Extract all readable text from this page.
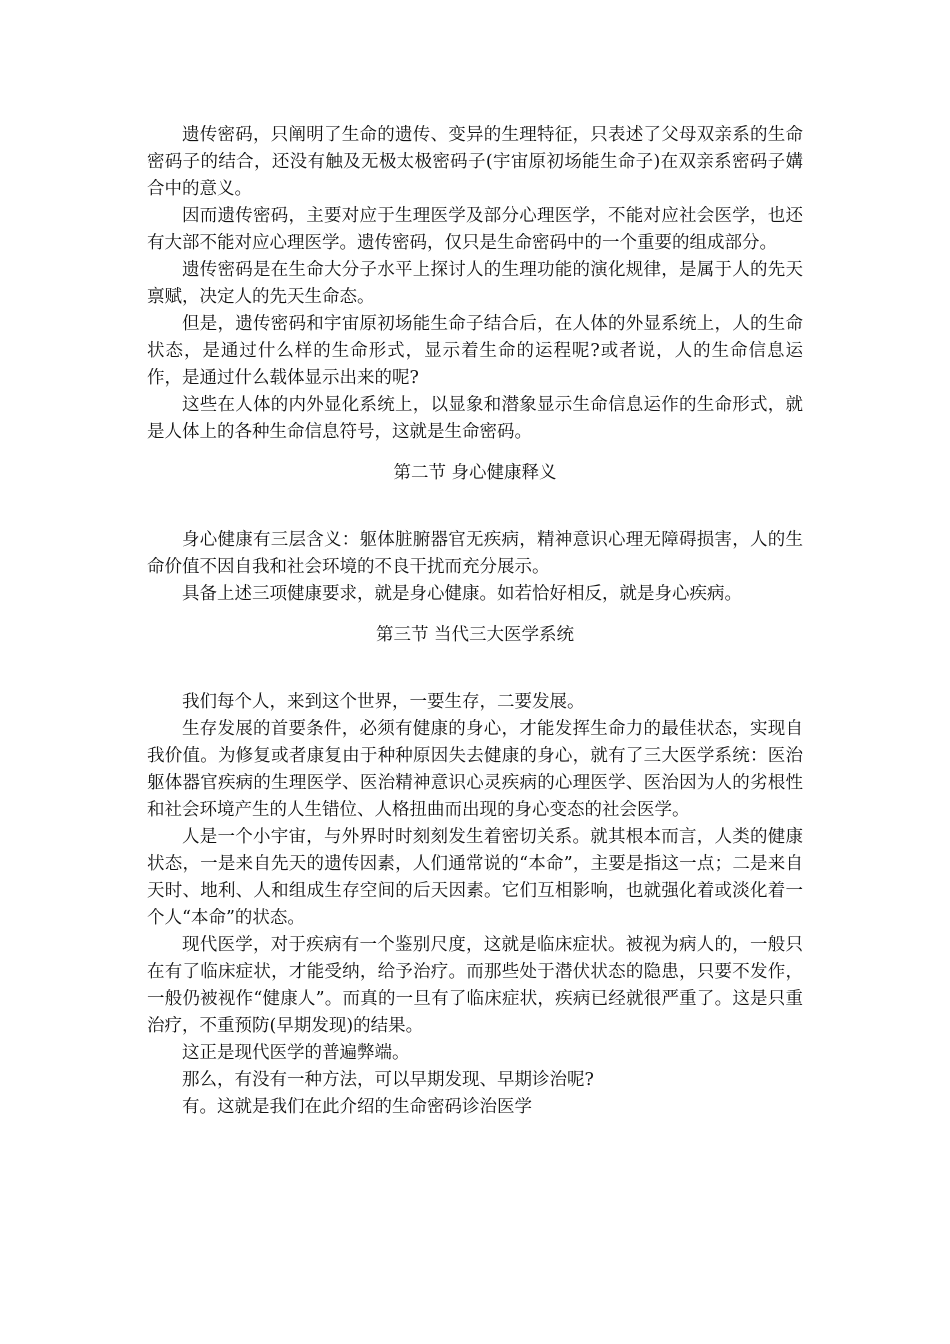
遗传密码，只阐明了生命的遗传、变异的生理特征，只表述了父母双亲系的生命密码子的结合，还没有触及无极太极密码子(宇宙原初场能生命子)在双亲系密码子媾合中的意义。

因而遗传密码，主要对应于生理医学及部分心理医学，不能对应社会医学，也还有大部不能对应心理医学。遗传密码，仅只是生命密码中的一个重要的组成部分。

遗传密码是在生命大分子水平上探讨人的生理功能的演化规律，是属于人的先天禀赋，决定人的先天生命态。

但是，遗传密码和宇宙原初场能生命子结合后，在人体的外显系统上，人的生命状态，是通过什么样的生命形式，显示着生命的运程呢?或者说，人的生命信息运作，是通过什么载体显示出来的呢?

这些在人体的内外显化系统上，以显象和潜象显示生命信息运作的生命形式，就是人体上的各种生命信息符号，这就是生命密码。

第二节 身心健康释义

身心健康有三层含义：躯体脏腑器官无疾病，精神意识心理无障碍损害，人的生命价值不因自我和社会环境的不良干扰而充分展示。

具备上述三项健康要求，就是身心健康。如若恰好相反，就是身心疾病。

第三节 当代三大医学系统

我们每个人，来到这个世界，一要生存，二要发展。

生存发展的首要条件，必须有健康的身心，才能发挥生命力的最佳状态，实现自我价值。为修复或者康复由于种种原因失去健康的身心，就有了三大医学系统：医治躯体器官疾病的生理医学、医治精神意识心灵疾病的心理医学、医治因为人的劣根性和社会环境产生的人生错位、人格扭曲而出现的身心变态的社会医学。

人是一个小宇宙，与外界时时刻刻发生着密切关系。就其根本而言，人类的健康状态，一是来自先天的遗传因素，人们通常说的“本命”，主要是指这一点；二是来自天时、地利、人和组成生存空间的后天因素。它们互相影响，也就强化着或淡化着一个人“本命”的状态。

现代医学，对于疾病有一个鉴别尺度，这就是临床症状。被视为病人的，一般只在有了临床症状，才能受纳，给予治疗。而那些处于潜伏状态的隐患，只要不发作，一般仍被视作“健康人”。而真的一旦有了临床症状，疾病已经就很严重了。这是只重治疗，不重预防(早期发现)的结果。

这正是现代医学的普遍弊端。

那么，有没有一种方法，可以早期发现、早期诊治呢?

有。这就是我们在此介绍的生命密码诊治医学
